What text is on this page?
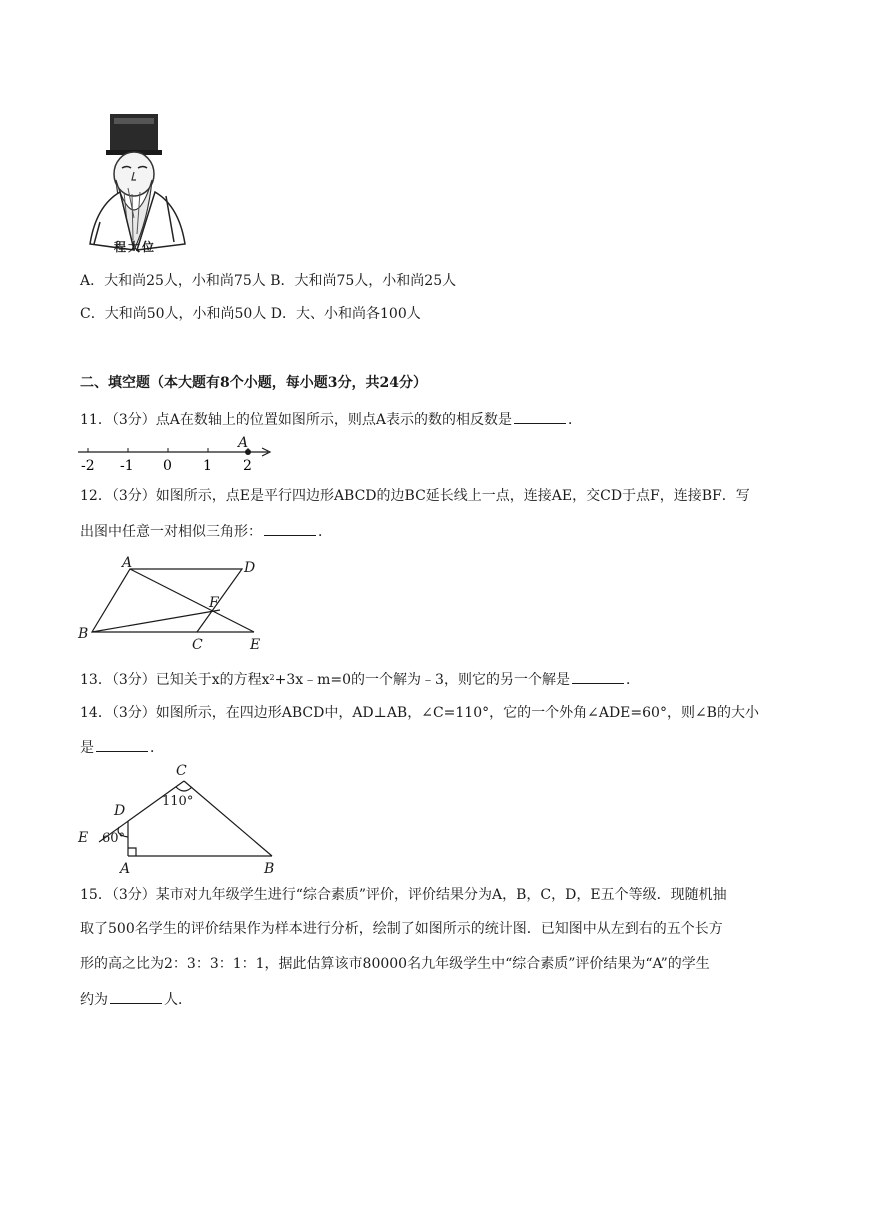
程大位
A．大和尚25人，小和尚75人 B．大和尚75人，小和尚25人
C．大和尚50人，小和尚50人 D．大、小和尚各100人
二、填空题（本大题有8个小题，每小题3分，共24分）
11．（3分）点A在数轴上的位置如图所示，则点A表示的数的相反数是	．
-2 -1 0 1 2
A
12．（3分）如图所示，点E是平行四边形ABCD的边BC延长线上一点，连接AE，交CD于点F，连接BF．写
出图中任意一对相似三角形：	．
A	D
F
B
C	E
13．（3分）已知关于x的方程$x^2+3x﹣m=0$的一个解为﹣3，则它的另一个解是	．
14．（3分）如图所示，在四边形ABCD中，AD⊥AB，∠C=110°，它的一个外角∠ADE=60°，则∠B的大小
是	．
C
D
E
A	B
110°
60°
15．（3分）某市对九年级学生进行“综合素质”评价，评价结果分为A，B，C，D，E五个等级．现随机抽
取了500名学生的评价结果作为样本进行分析，绘制了如图所示的统计图．已知图中从左到右的五个长方
形的高之比为2：3：3：1：1，据此估算该市80000名九年级学生中“综合素质”评价结果为“A”的学生
约为	人．
